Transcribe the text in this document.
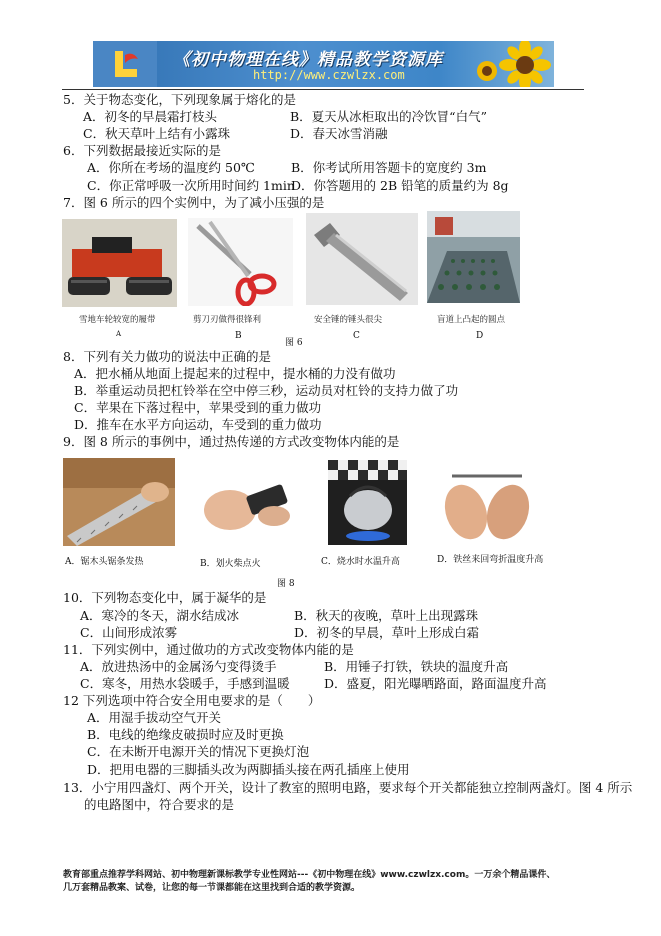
《初中物理在线》精品教学资源库
http://www.czwlzx.com
5．关于物态变化，下列现象属于熔化的是
A．初冬的早晨霜打枝头	B．夏天从冰柜取出的冷饮冒“白气”
C．秋天草叶上结有小露珠	D．春天冰雪消融
6．下列数据最接近实际的是
A．你所在考场的温度约 50℃	B．你考试所用答题卡的宽度约 3m
C．你正常呼吸一次所用时间约 1min
D．你答题用的 2B 铅笔的质量约为 8g
7．图 6 所示的四个实例中，为了减小压强的是
雪地车轮较宽的履带	剪刀刃做得很锋利	安全锤的锤头很尖	盲道上凸起的圆点
A	B
图 6
C	D
8．下列有关力做功的说法中正确的是
A．把水桶从地面上提起来的过程中，提水桶的力没有做功
B．举重运动员把杠铃举在空中停三秒，运动员对杠铃的支持力做了功
C．苹果在下落过程中，苹果受到的重力做功
D．推车在水平方向运动，车受到的重力做功
9．图 8 所示的事例中，通过热传递的方式改变物体内能的是
A．锯木头锯条发热	B．划火柴点火	C．烧水时水温升高	D．铁丝来回弯折温度升高
图 8
10．下列物态变化中，属于凝华的是
A．寒冷的冬天，湖水结成冰	B．秋天的夜晚，草叶上出现露珠
C．山间形成浓雾	D．初冬的早晨，草叶上形成白霜
11．下列实例中，通过做功的方式改变物体内能的是
A．放进热汤中的金属汤勺变得烫手	B．用锤子打铁，铁块的温度升高
C．寒冬，用热水袋暖手，手感到温暖	D．盛夏，阳光曝晒路面，路面温度升高
12 下列选项中符合安全用电要求的是（　　）
A．用湿手拔动空气开关
B．电线的绝缘皮破损时应及时更换
C．在未断开电源开关的情况下更换灯泡
D．把用电器的三脚插头改为两脚插头接在两孔插座上使用
13．小宁用四盏灯、两个开关，设计了教室的照明电路，要求每个开关都能独立控制两盏灯。图 4 所示
的电路图中，符合要求的是
教育部重点推荐学科网站、初中物理新课标教学专业性网站---《初中物理在线》www.czwlzx.com。一万余个精品课件、
几万套精品教案、试卷，让您的每一节课都能在这里找到合适的教学资源。
